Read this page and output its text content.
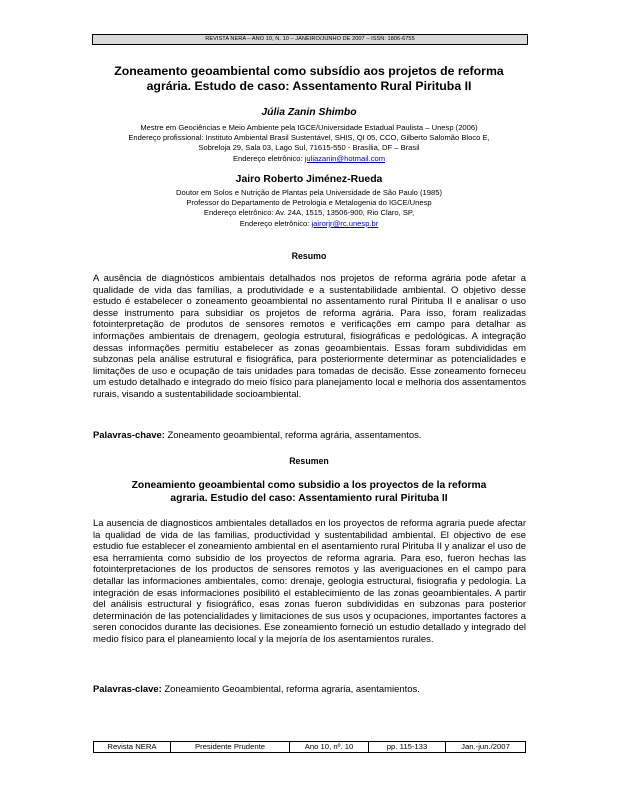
REVISTA NERA – ANO 10, N. 10 – JANEIRO/JUNHO DE 2007 – ISSN: 1806-6755
Zoneamento geoambiental como subsídio aos projetos de reforma
agrária. Estudo de caso: Assentamento Rural Pirituba II
Júlia Zanin Shimbo
Mestre em Geociências e Meio Ambiente pela IGCE/Universidade Estadual Paulista – Unesp (2006)
Endereço profissional: Instituto Ambiental Brasil Sustentável, SHIS, QI 05, CCO, Gilberto Salomão Bloco E,
Sobreloja 29, Sala 03, Lago Sul, 71615-550 - Brasília, DF – Brasil
Endereço eletrônico: juliazanin@hotmail.com
Jairo Roberto Jiménez-Rueda
Doutor em Solos e Nutrição de Plantas pela Universidade de São Paulo (1985)
Professor do Departamento de Petrologia e Metalogenia do IGCE/Unesp
Endereço eletrônico: Av. 24A, 1515, 13506-900, Rio Claro, SP,
Endereço eletrônico: jairorjr@rc.unesp.br
Resumo
A ausência de diagnósticos ambientais detalhados nos projetos de reforma agrária pode afetar a qualidade de vida das famílias, a produtividade e a sustentabilidade ambiental. O objetivo desse estudo é estabelecer o zoneamento geoambiental no assentamento rural Pirituba II e analisar o uso desse instrumento para subsidiar os projetos de reforma agrária. Para isso, foram realizadas fotointerpretação de produtos de sensores remotos e verificações em campo para detalhar as informações ambientais de drenagem, geologia estrutural, fisiográficas e pedológicas. A integração dessas informações permitiu estabelecer as zonas geoambientais. Essas foram subdivididas em subzonas pela análise estrutural e fisiográfica, para posteriormente determinar as potencialidades e limitações de uso e ocupação de tais unidades para tomadas de decisão. Esse zoneamento forneceu um estudo detalhado e integrado do meio físico para planejamento local e melhoria dos assentamentos rurais, visando a sustentabilidade socioambiental.
Palavras-chave: Zoneamento geoambiental, reforma agrária, assentamentos.
Resumen
Zoneamiento geoambiental como subsidio a los proyectos de la reforma
agraria. Estudio del caso: Assentamiento rural Pirituba II
La ausencia de diagnosticos ambientales detallados en los proyectos de reforma agraria puede afectar la qualidad de vida de las familias, productividad y sustentabilidad ambiental. El objectivo de ese estudio fue establecer el zoneamiento ambiental en el asentamiento rural Pirituba II y analizar el uso de esa herramienta como subsidio de los proyectos de reforma agraria. Para eso, fueron hechas las fotointerpretaciones de los productos de sensores remotos y las averiguaciones en el campo para detallar las informaciones ambientales, como: drenaje, geologia estructural, fisiografia y pedologia. La integración de esas informaciones posibilitó el establecimiento de las zonas geoambientales. A partir del análisis estructural y fisiográfico, esas zonas fueron subdivididas en subzonas para posterior determinación de las potencialidades y limitaciones de sus usos y ocupaciones, importantes factores a seren conocidos durante las decisiones. Ese zoneamiento forneció un estudio detallado y integrado del medio físico para el planeamiento local y la mejoría de los asentamientos rurales.
Palavras-clave: Zoneamiento Geoambiental, reforma agraria, asentamientos.
Revista NERA	Presidente Prudente	Ano 10, nº. 10	pp. 115-133	Jan.-jun./2007
